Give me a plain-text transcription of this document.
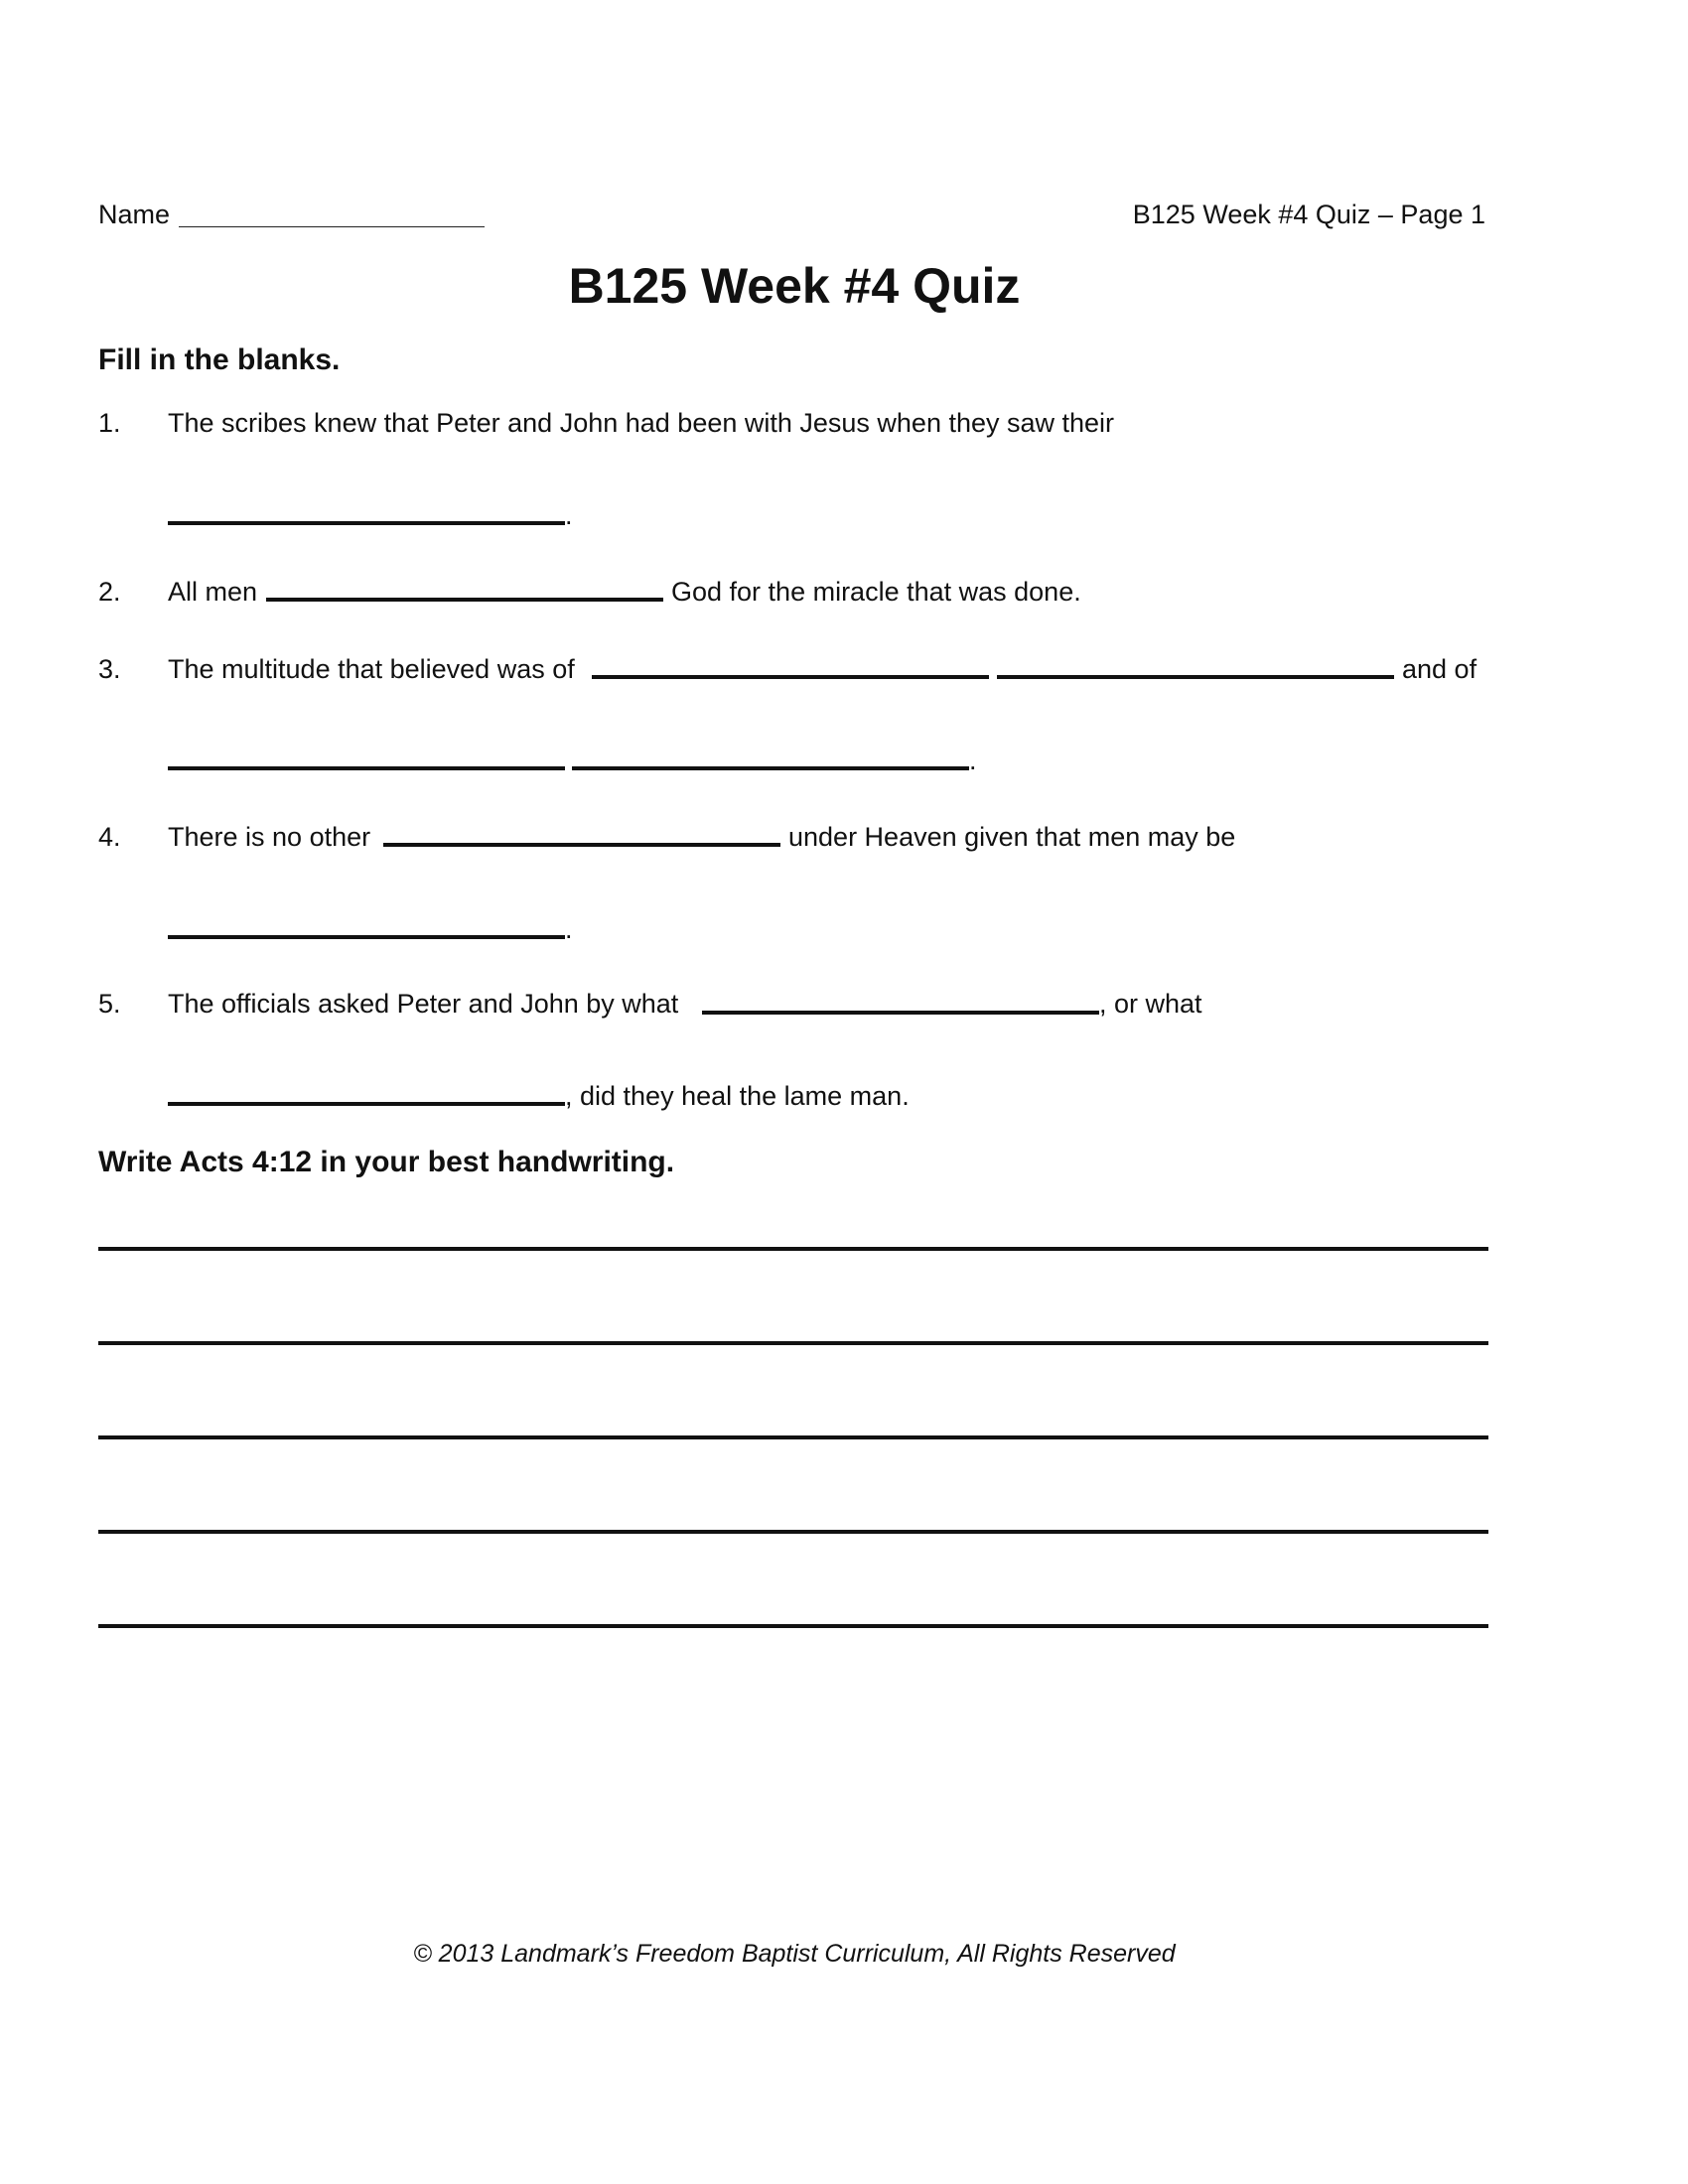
Name	B125 Week #4 Quiz – Page 1
B125 Week #4 Quiz
Fill in the blanks.
1. The scribes knew that Peter and John had been with Jesus when they saw their
.
2. All men	God for the miracle that was done.
3. The multitude that believed was of	and of
.
4. There is no other	under Heaven given that men may be
.
5. The officials asked Peter and John by what	, or what
, did they heal the lame man.
Write Acts 4:12 in your best handwriting.
© 2013 Landmark’s Freedom Baptist Curriculum, All Rights Reserved
